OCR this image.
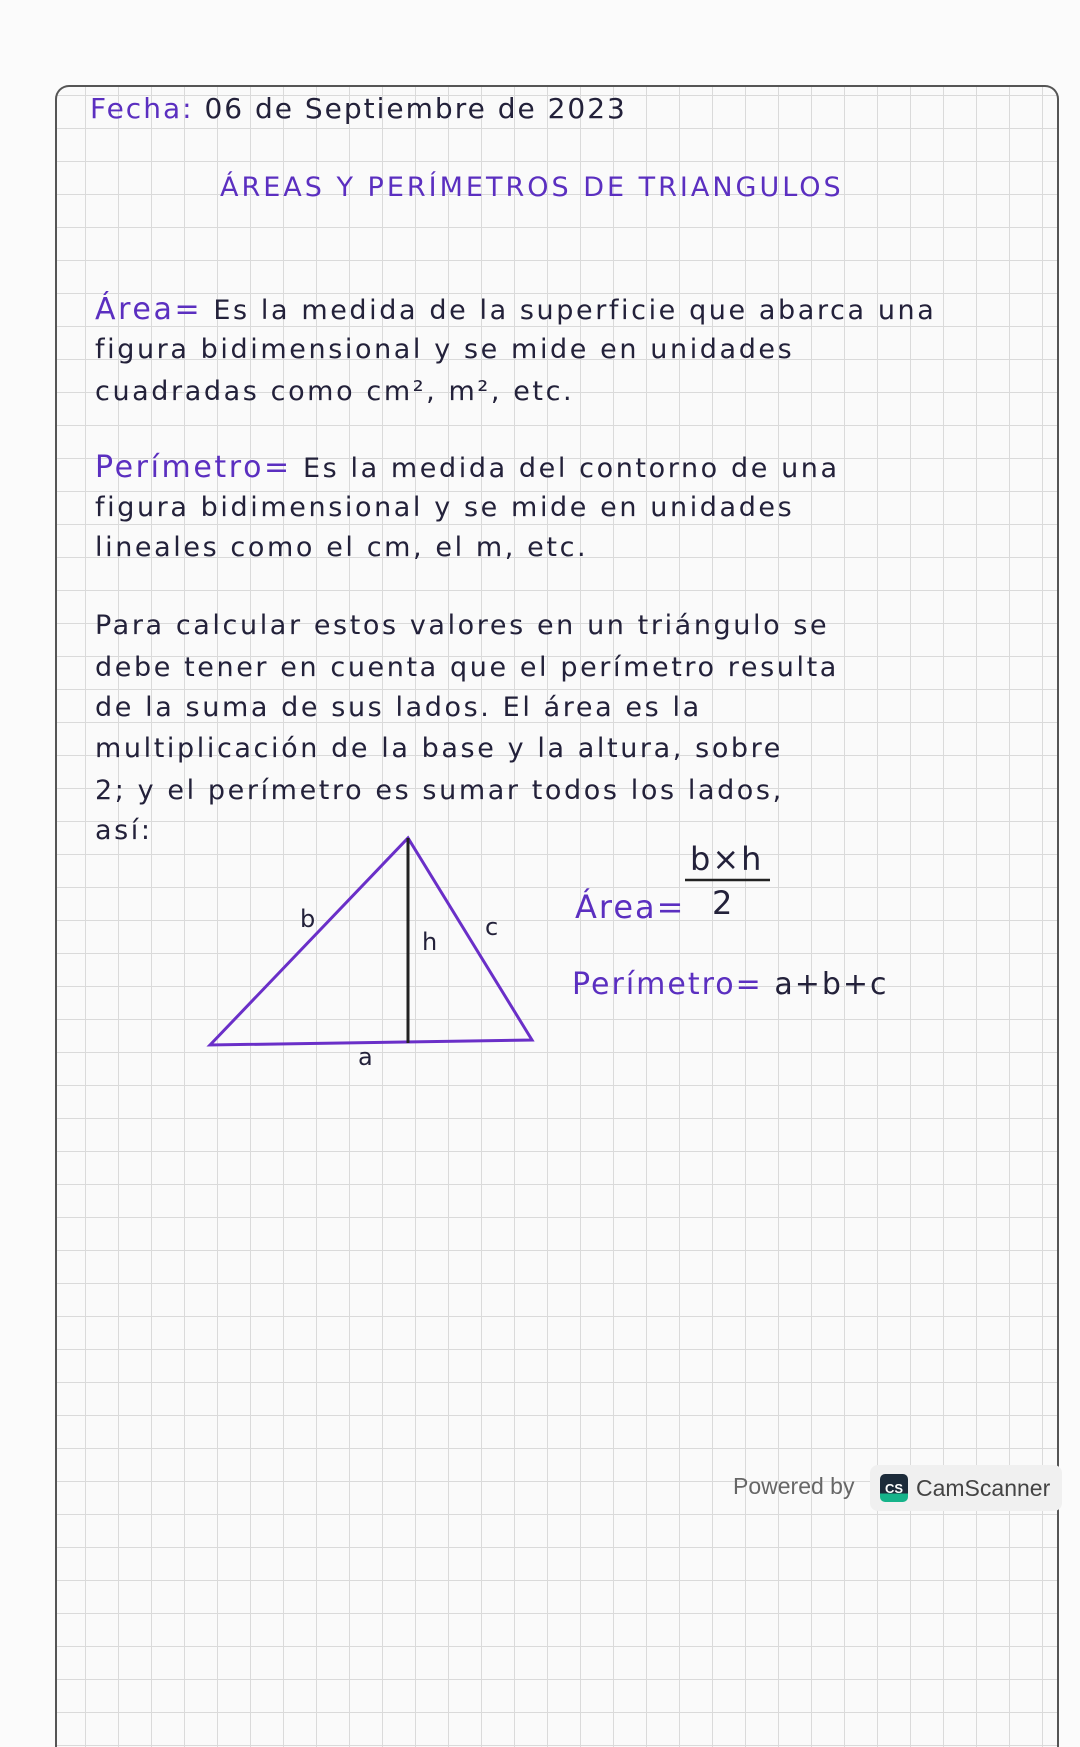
Fecha: 06 de Septiembre de 2023
ÁREAS Y PERÍMETROS DE TRIANGULOS
Área= Es la medida de la superficie que abarca una
figura bidimensional y se mide en unidades
cuadradas como cm², m², etc.
Perímetro= Es la medida del contorno de una
figura bidimensional y se mide en unidades
lineales como el cm, el m, etc.
Para calcular estos valores en un triángulo se
debe tener en cuenta que el perímetro resulta
de la suma de sus lados. El área es la
multiplicación de la base y la altura, sobre
2; y el perímetro es sumar todos los lados,
así:
b
h
c
a
b×h
Área= 2
Perímetro= a+b+c
Powered by	CS CamScanner
